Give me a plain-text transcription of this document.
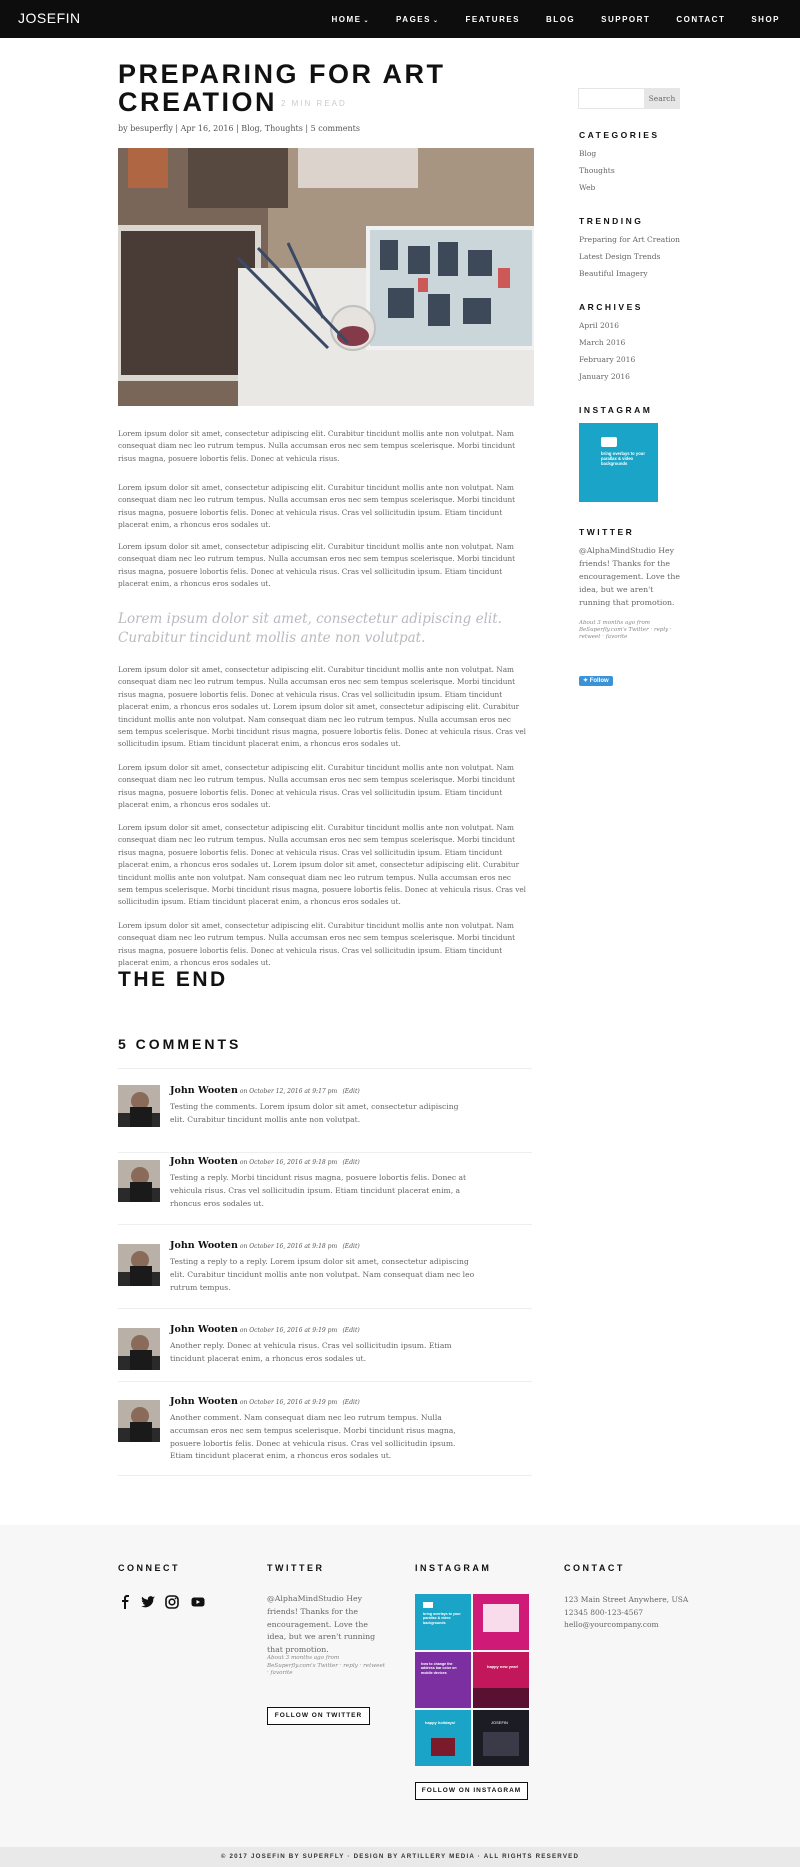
JOSEFIN	HOME ⌄	PAGES ⌄	FEATURES	BLOG	SUPPORT	CONTACT	SHOP
PREPARING FOR ART
CREATION 2 MIN READ
by besuperfly | Apr 16, 2016 | Blog, Thoughts | 5 comments
Lorem ipsum dolor sit amet, consectetur adipiscing elit. Curabitur tincidunt mollis ante non volutpat. Nam consequat diam nec leo rutrum tempus. Nulla accumsan eros nec sem tempus scelerisque. Morbi tincidunt risus magna, posuere lobortis felis. Donec at vehicula risus.
Lorem ipsum dolor sit amet, consectetur adipiscing elit. Curabitur tincidunt mollis ante non volutpat. Nam consequat diam nec leo rutrum tempus. Nulla accumsan eros nec sem tempus scelerisque. Morbi tincidunt risus magna, posuere lobortis felis. Donec at vehicula risus. Cras vel sollicitudin ipsum. Etiam tincidunt placerat enim, a rhoncus eros sodales ut.
Lorem ipsum dolor sit amet, consectetur adipiscing elit. Curabitur tincidunt mollis ante non volutpat. Nam consequat diam nec leo rutrum tempus. Nulla accumsan eros nec sem tempus scelerisque. Morbi tincidunt risus magna, posuere lobortis felis. Donec at vehicula risus. Cras vel sollicitudin ipsum. Etiam tincidunt placerat enim, a rhoncus eros sodales ut.
Lorem ipsum dolor sit amet, consectetur adipiscing elit. Curabitur tincidunt mollis ante non volutpat.
Lorem ipsum dolor sit amet, consectetur adipiscing elit. Curabitur tincidunt mollis ante non volutpat. Nam consequat diam nec leo rutrum tempus. Nulla accumsan eros nec sem tempus scelerisque. Morbi tincidunt risus magna, posuere lobortis felis. Donec at vehicula risus. Cras vel sollicitudin ipsum. Etiam tincidunt placerat enim, a rhoncus eros sodales ut. Lorem ipsum dolor sit amet, consectetur adipiscing elit. Curabitur tincidunt mollis ante non volutpat. Nam consequat diam nec leo rutrum tempus. Nulla accumsan eros nec sem tempus scelerisque. Morbi tincidunt risus magna, posuere lobortis felis. Donec at vehicula risus. Cras vel sollicitudin ipsum. Etiam tincidunt placerat enim, a rhoncus eros sodales ut.
Lorem ipsum dolor sit amet, consectetur adipiscing elit. Curabitur tincidunt mollis ante non volutpat. Nam consequat diam nec leo rutrum tempus. Nulla accumsan eros nec sem tempus scelerisque. Morbi tincidunt risus magna, posuere lobortis felis. Donec at vehicula risus. Cras vel sollicitudin ipsum. Etiam tincidunt placerat enim, a rhoncus eros sodales ut.
Lorem ipsum dolor sit amet, consectetur adipiscing elit. Curabitur tincidunt mollis ante non volutpat. Nam consequat diam nec leo rutrum tempus. Nulla accumsan eros nec sem tempus scelerisque. Morbi tincidunt risus magna, posuere lobortis felis. Donec at vehicula risus. Cras vel sollicitudin ipsum. Etiam tincidunt placerat enim, a rhoncus eros sodales ut. Lorem ipsum dolor sit amet, consectetur adipiscing elit. Curabitur tincidunt mollis ante non volutpat. Nam consequat diam nec leo rutrum tempus. Nulla accumsan eros nec sem tempus scelerisque. Morbi tincidunt risus magna, posuere lobortis felis. Donec at vehicula risus. Cras vel sollicitudin ipsum. Etiam tincidunt placerat enim, a rhoncus eros sodales ut.
Lorem ipsum dolor sit amet, consectetur adipiscing elit. Curabitur tincidunt mollis ante non volutpat. Nam consequat diam nec leo rutrum tempus. Nulla accumsan eros nec sem tempus scelerisque. Morbi tincidunt risus magna, posuere lobortis felis. Donec at vehicula risus. Cras vel sollicitudin ipsum. Etiam tincidunt placerat enim, a rhoncus eros sodales ut.
THE END
5 COMMENTS
John Wooten on October 12, 2016 at 9:17 pm (Edit)
Testing the comments. Lorem ipsum dolor sit amet, consectetur adipiscing elit. Curabitur tincidunt mollis ante non volutpat.
John Wooten on October 16, 2016 at 9:18 pm (Edit)
Testing a reply. Morbi tincidunt risus magna, posuere lobortis felis. Donec at vehicula risus. Cras vel sollicitudin ipsum. Etiam tincidunt placerat enim, a rhoncus eros sodales ut.
John Wooten on October 16, 2016 at 9:18 pm (Edit)
Testing a reply to a reply. Lorem ipsum dolor sit amet, consectetur adipiscing elit. Curabitur tincidunt mollis ante non volutpat. Nam consequat diam nec leo rutrum tempus.
John Wooten on October 16, 2016 at 9:19 pm (Edit)
Another reply. Donec at vehicula risus. Cras vel sollicitudin ipsum. Etiam tincidunt placerat enim, a rhoncus eros sodales ut.
John Wooten on October 16, 2016 at 9:19 pm (Edit)
Another comment. Nam consequat diam nec leo rutrum tempus. Nulla accumsan eros nec sem tempus scelerisque. Morbi tincidunt risus magna, posuere lobortis felis. Donec at vehicula risus. Cras vel sollicitudin ipsum. Etiam tincidunt placerat enim, a rhoncus eros sodales ut.
Search
CATEGORIES
Blog
Thoughts
Web
TRENDING
Preparing for Art Creation
Latest Design Trends
Beautiful Imagery
ARCHIVES
April 2016
March 2016
February 2016
January 2016
INSTAGRAM
bring overlays to your parallax & video backgrounds
TWITTER
@AlphaMindStudio Hey friends! Thanks for the encouragement. Love the idea, but we aren't running that promotion.
About 3 months ago from BeSuperfly.com's Twitter · reply · retweet · favorite
✦ Follow
CONNECT	TWITTER
@AlphaMindStudio Hey friends! Thanks for the encouragement. Love the idea, but we aren't running that promotion.
About 3 months ago from BeSuperfly.com's Twitter · reply · retweet · favorite
FOLLOW ON TWITTER
INSTAGRAM
bring overlays to your parallax & video backgrounds
how to change the address bar color on mobile devices
happy new year!
happy holidays!	JOSEFIN
FOLLOW ON INSTAGRAM
CONTACT
123 Main Street Anywhere, USA
12345 800-123-4567
hello@yourcompany.com
© 2017 JOSEFIN BY SUPERFLY · DESIGN BY ARTILLERY MEDIA · ALL RIGHTS RESERVED
